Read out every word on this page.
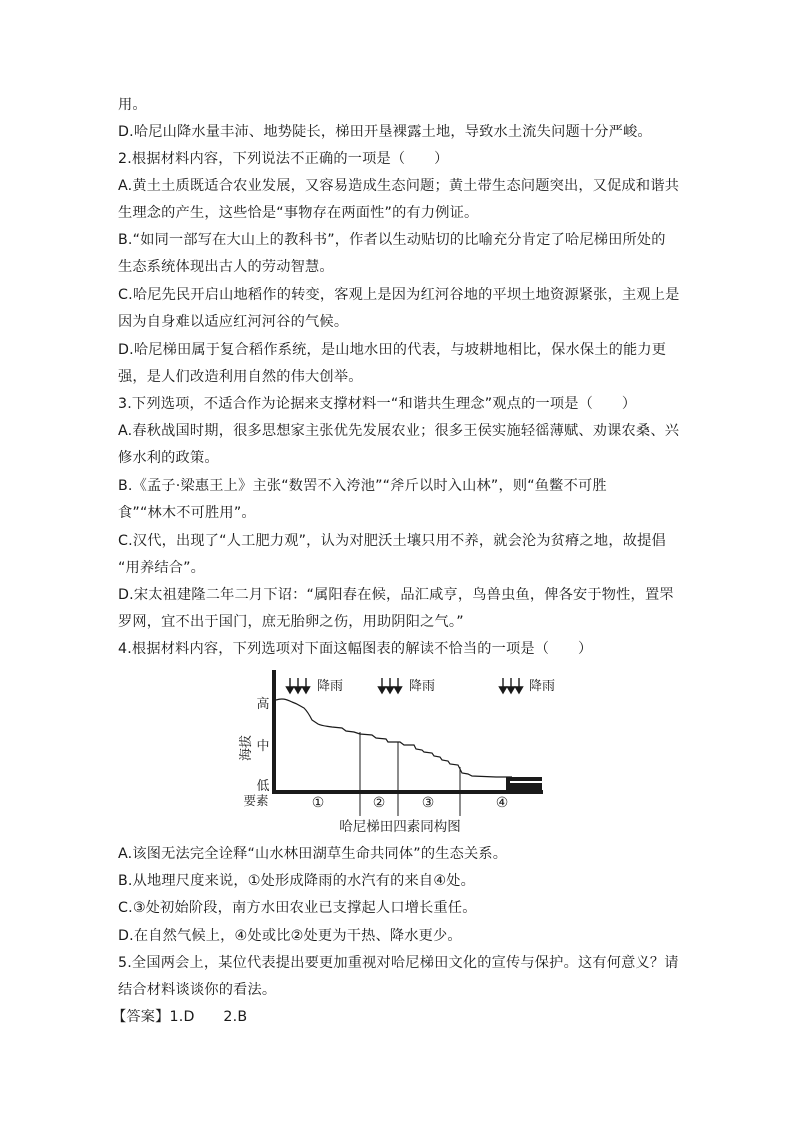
用。
D.哈尼山降水量丰沛、地势陡长，梯田开垦裸露土地，导致水土流失问题十分严峻。
2.根据材料内容，下列说法不正确的一项是（　　）
A.黄土土质既适合农业发展，又容易造成生态问题；黄土带生态问题突出，又促成和谐共
生理念的产生，这些恰是“事物存在两面性”的有力例证。
B.“如同一部写在大山上的教科书”，作者以生动贴切的比喻充分肯定了哈尼梯田所处的
生态系统体现出古人的劳动智慧。
C.哈尼先民开启山地稻作的转变，客观上是因为红河谷地的平坝土地资源紧张，主观上是
因为自身难以适应红河河谷的气候。
D.哈尼梯田属于复合稻作系统，是山地水田的代表，与坡耕地相比，保水保土的能力更
强，是人们改造利用自然的伟大创举。
3.下列选项，不适合作为论据来支撑材料一“和谐共生理念”观点的一项是（　　）
A.春秋战国时期，很多思想家主张优先发展农业；很多王侯实施轻徭薄赋、劝课农桑、兴
修水利的政策。
B.《孟子·梁惠王上》主张“数罟不入洿池”“斧斤以时入山林”，则“鱼鳖不可胜
食”“林木不可胜用”。
C.汉代，出现了“人工肥力观”，认为对肥沃土壤只用不养，就会沦为贫瘠之地，故提倡
“用养结合”。
D.宋太祖建隆二年二月下诏：“属阳春在候，品汇咸亨，鸟兽虫鱼，俾各安于物性，置罘
罗网，宜不出于国门，庶无胎卵之伤，用助阴阳之气。”
4.根据材料内容，下列选项对下面这幅图表的解读不恰当的一项是（　　）
降雨	降雨	降雨
海拔
高
中
低
要素	①	②	③	④
哈尼梯田四素同构图
A.该图无法完全诠释“山水林田湖草生命共同体”的生态关系。
B.从地理尺度来说，①处形成降雨的水汽有的来自④处。
C.③处初始阶段，南方水田农业已支撑起人口增长重任。
D.在自然气候上，④处或比②处更为干热、降水更少。
5.全国两会上，某位代表提出要更加重视对哈尼梯田文化的宣传与保护。这有何意义？请
结合材料谈谈你的看法。
【答案】1.D　　2.B
